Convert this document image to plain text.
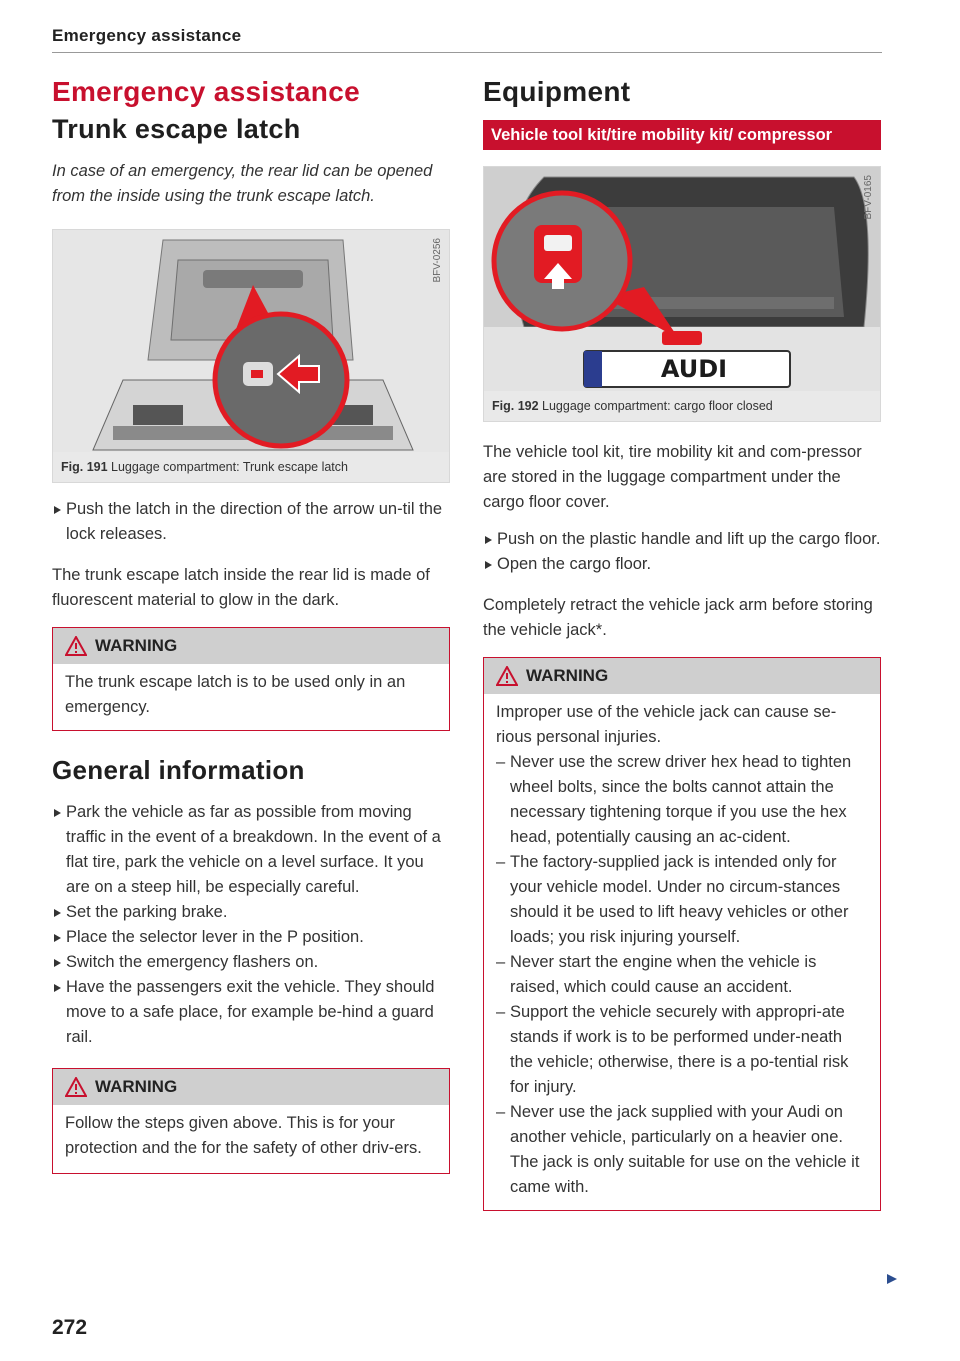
Emergency assistance
Emergency assistance
Trunk escape latch
In case of an emergency, the rear lid can be opened from the inside using the trunk escape latch.
BFV-0256
Fig. 191 Luggage compartment: Trunk escape latch
Push the latch in the direction of the arrow un-til the lock releases.

The trunk escape latch inside the rear lid is made of fluorescent material to glow in the dark.

WARNING
The trunk escape latch is to be used only in an emergency.
General information
Park the vehicle as far as possible from moving traffic in the event of a breakdown. In the event of a flat tire, park the vehicle on a level surface. It you are on a steep hill, be especially careful.
Set the parking brake.
Place the selector lever in the P position.
Switch the emergency flashers on.
Have the passengers exit the vehicle. They should move to a safe place, for example be-hind a guard rail.
WARNING
Follow the steps given above. This is for your protection and the for the safety of other driv-ers.
Equipment
Vehicle tool kit/tire mobility kit/ compressor
AUDI
BFV-0165
Fig. 192 Luggage compartment: cargo floor closed

The vehicle tool kit, tire mobility kit and com-pressor are stored in the luggage compartment under the cargo floor cover.

Push on the plastic handle and lift up the cargo floor.
Open the cargo floor.

Completely retract the vehicle jack arm before storing the vehicle jack*.

WARNING
Improper use of the vehicle jack can cause se-rious personal injuries.
– Never use the screw driver hex head to tighten wheel bolts, since the bolts cannot attain the necessary tightening torque if you use the hex head, potentially causing an ac-cident.
– The factory-supplied jack is intended only for your vehicle model. Under no circum-stances should it be used to lift heavy vehicles or other loads; you risk injuring yourself.
– Never start the engine when the vehicle is raised, which could cause an accident.
– Support the vehicle securely with appropri-ate stands if work is to be performed under-neath the vehicle; otherwise, there is a po-tential risk for injury.
– Never use the jack supplied with your Audi on another vehicle, particularly on a heavier one. The jack is only suitable for use on the vehicle it came with.
272
